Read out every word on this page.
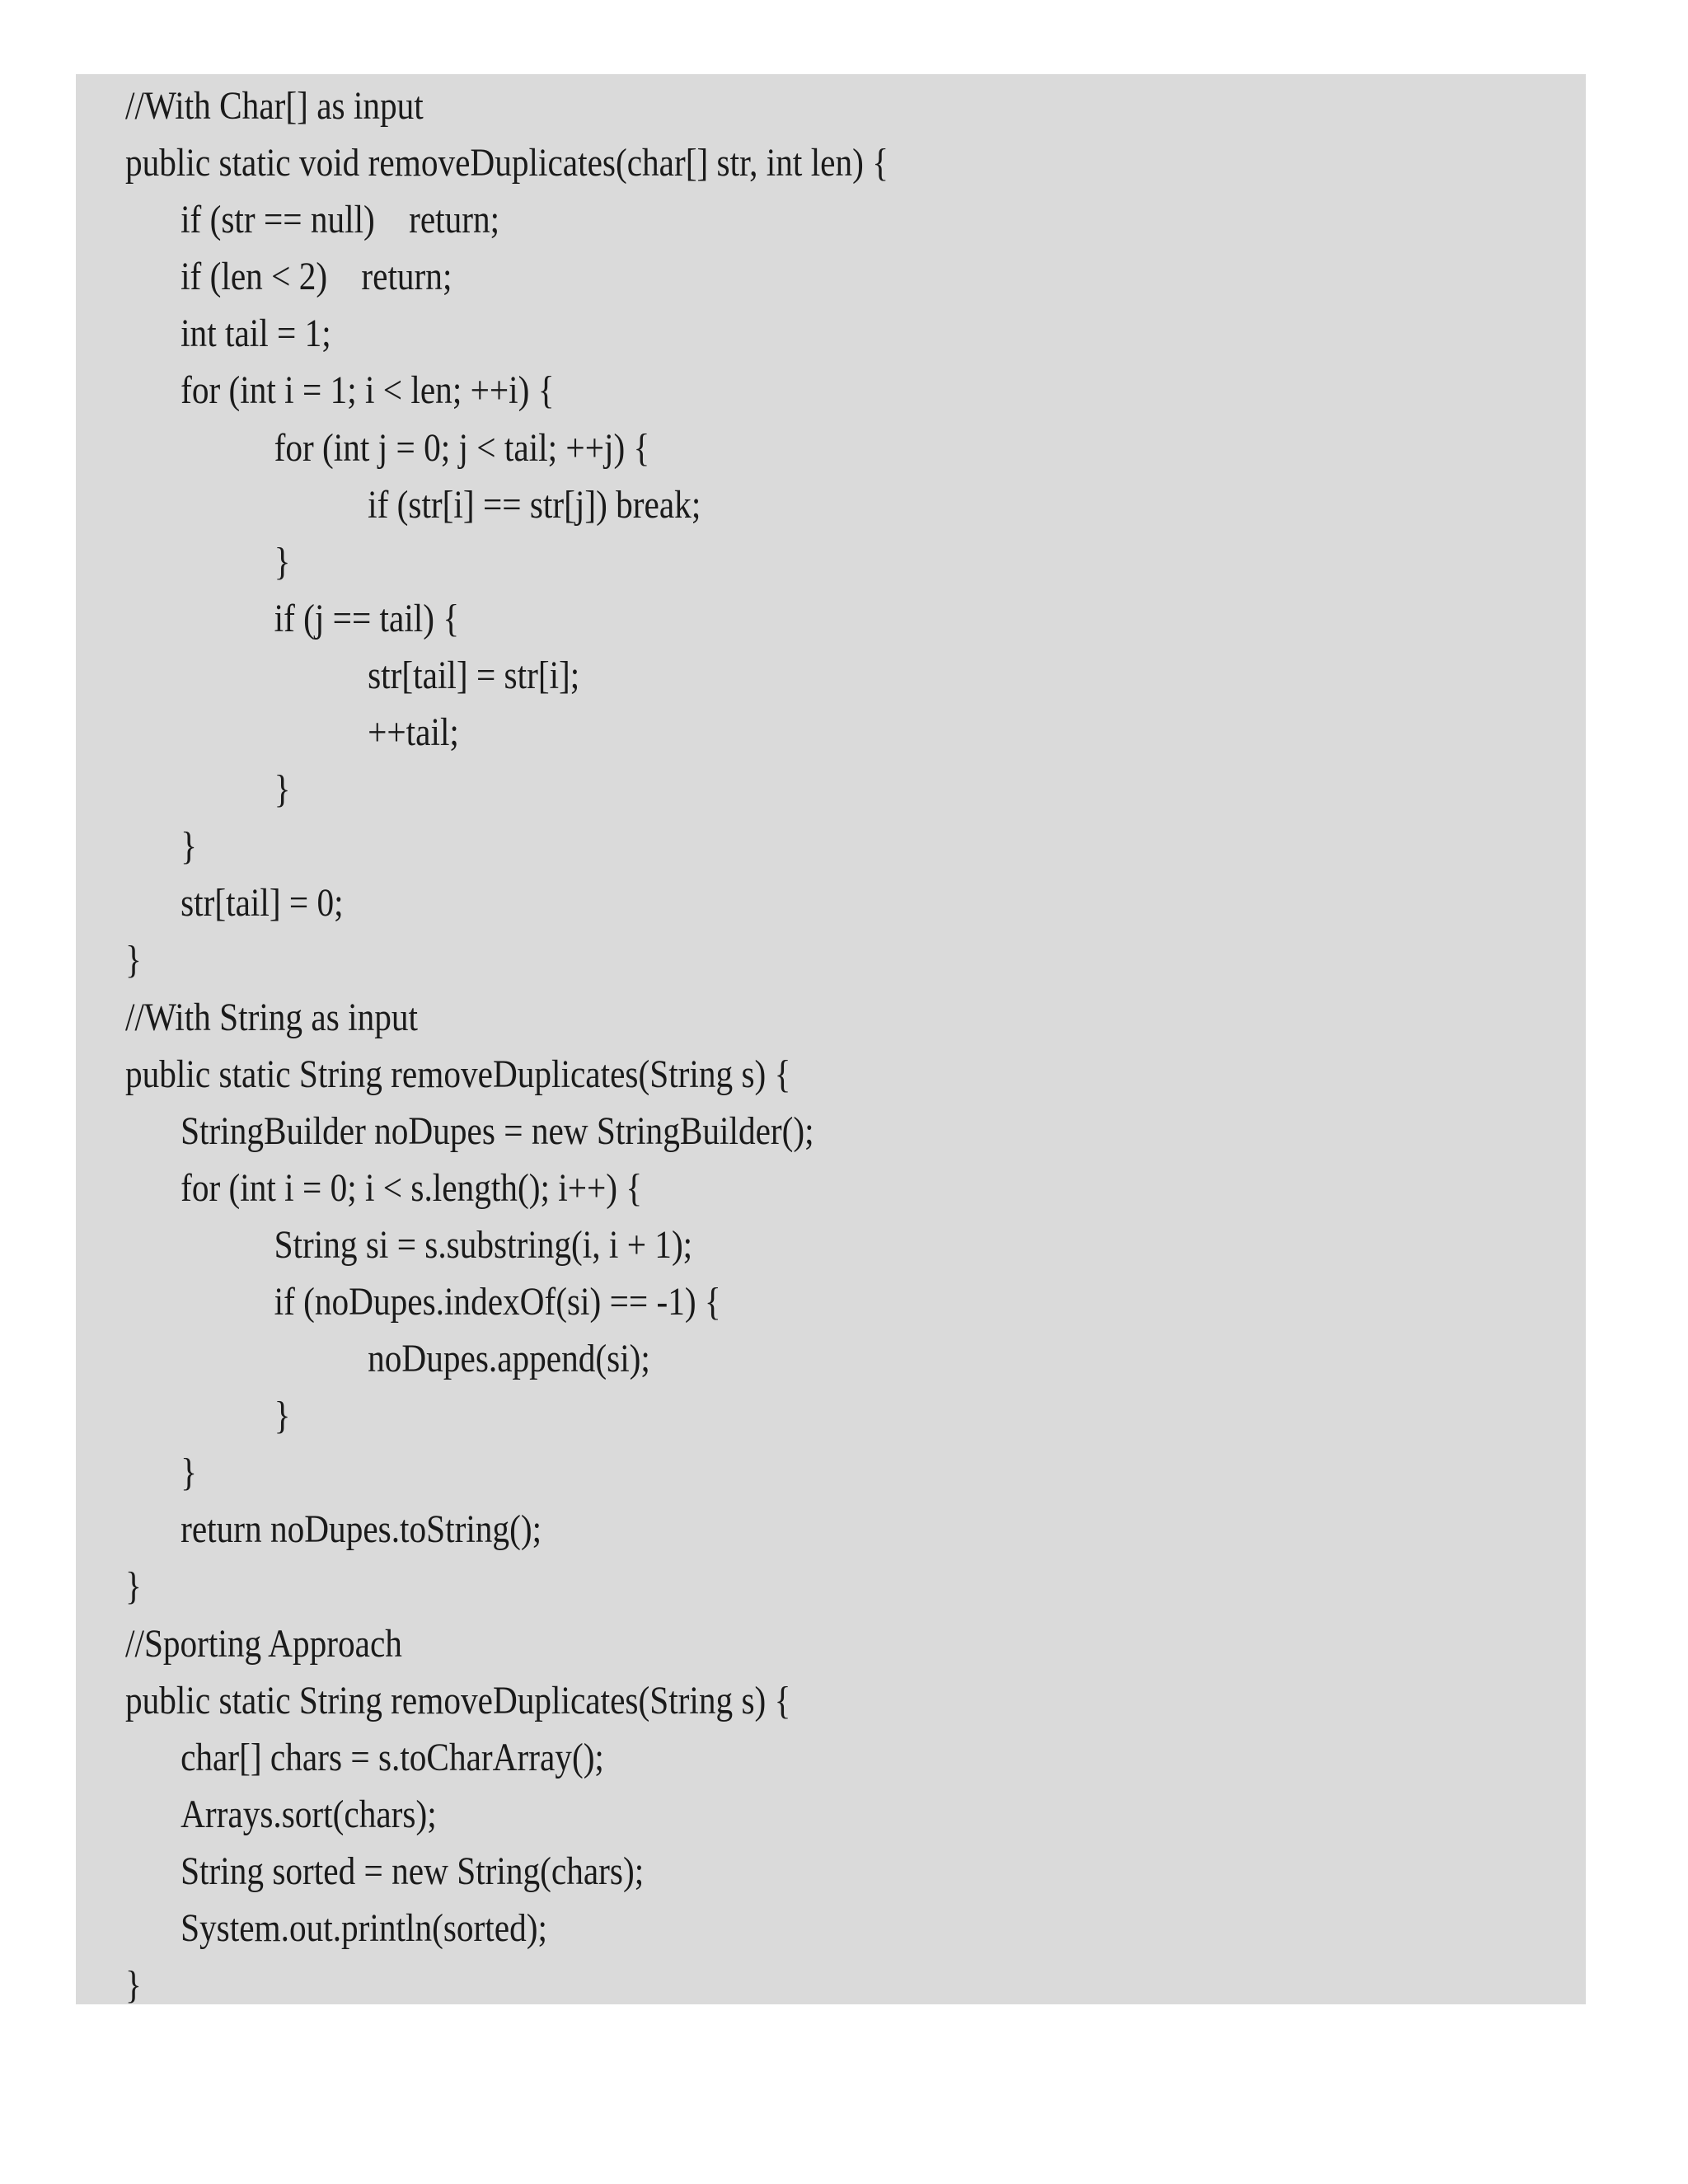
//With Char[] as input
public static void removeDuplicates(char[] str, int len) {
if (str == null)    return;
if (len < 2)    return;
int tail = 1;
for (int i = 1; i < len; ++i) {
for (int j = 0; j < tail; ++j) {
if (str[i] == str[j]) break;
}
if (j == tail) {
str[tail] = str[i];
++tail;
}
}
str[tail] = 0;
}
//With String as input
public static String removeDuplicates(String s) {
StringBuilder noDupes = new StringBuilder();
for (int i = 0; i < s.length(); i++) {
String si = s.substring(i, i + 1);
if (noDupes.indexOf(si) == -1) {
noDupes.append(si);
}
}
return noDupes.toString();
}
//Sporting Approach
public static String removeDuplicates(String s) {
char[] chars = s.toCharArray();
Arrays.sort(chars);
String sorted = new String(chars);
System.out.println(sorted);
}
